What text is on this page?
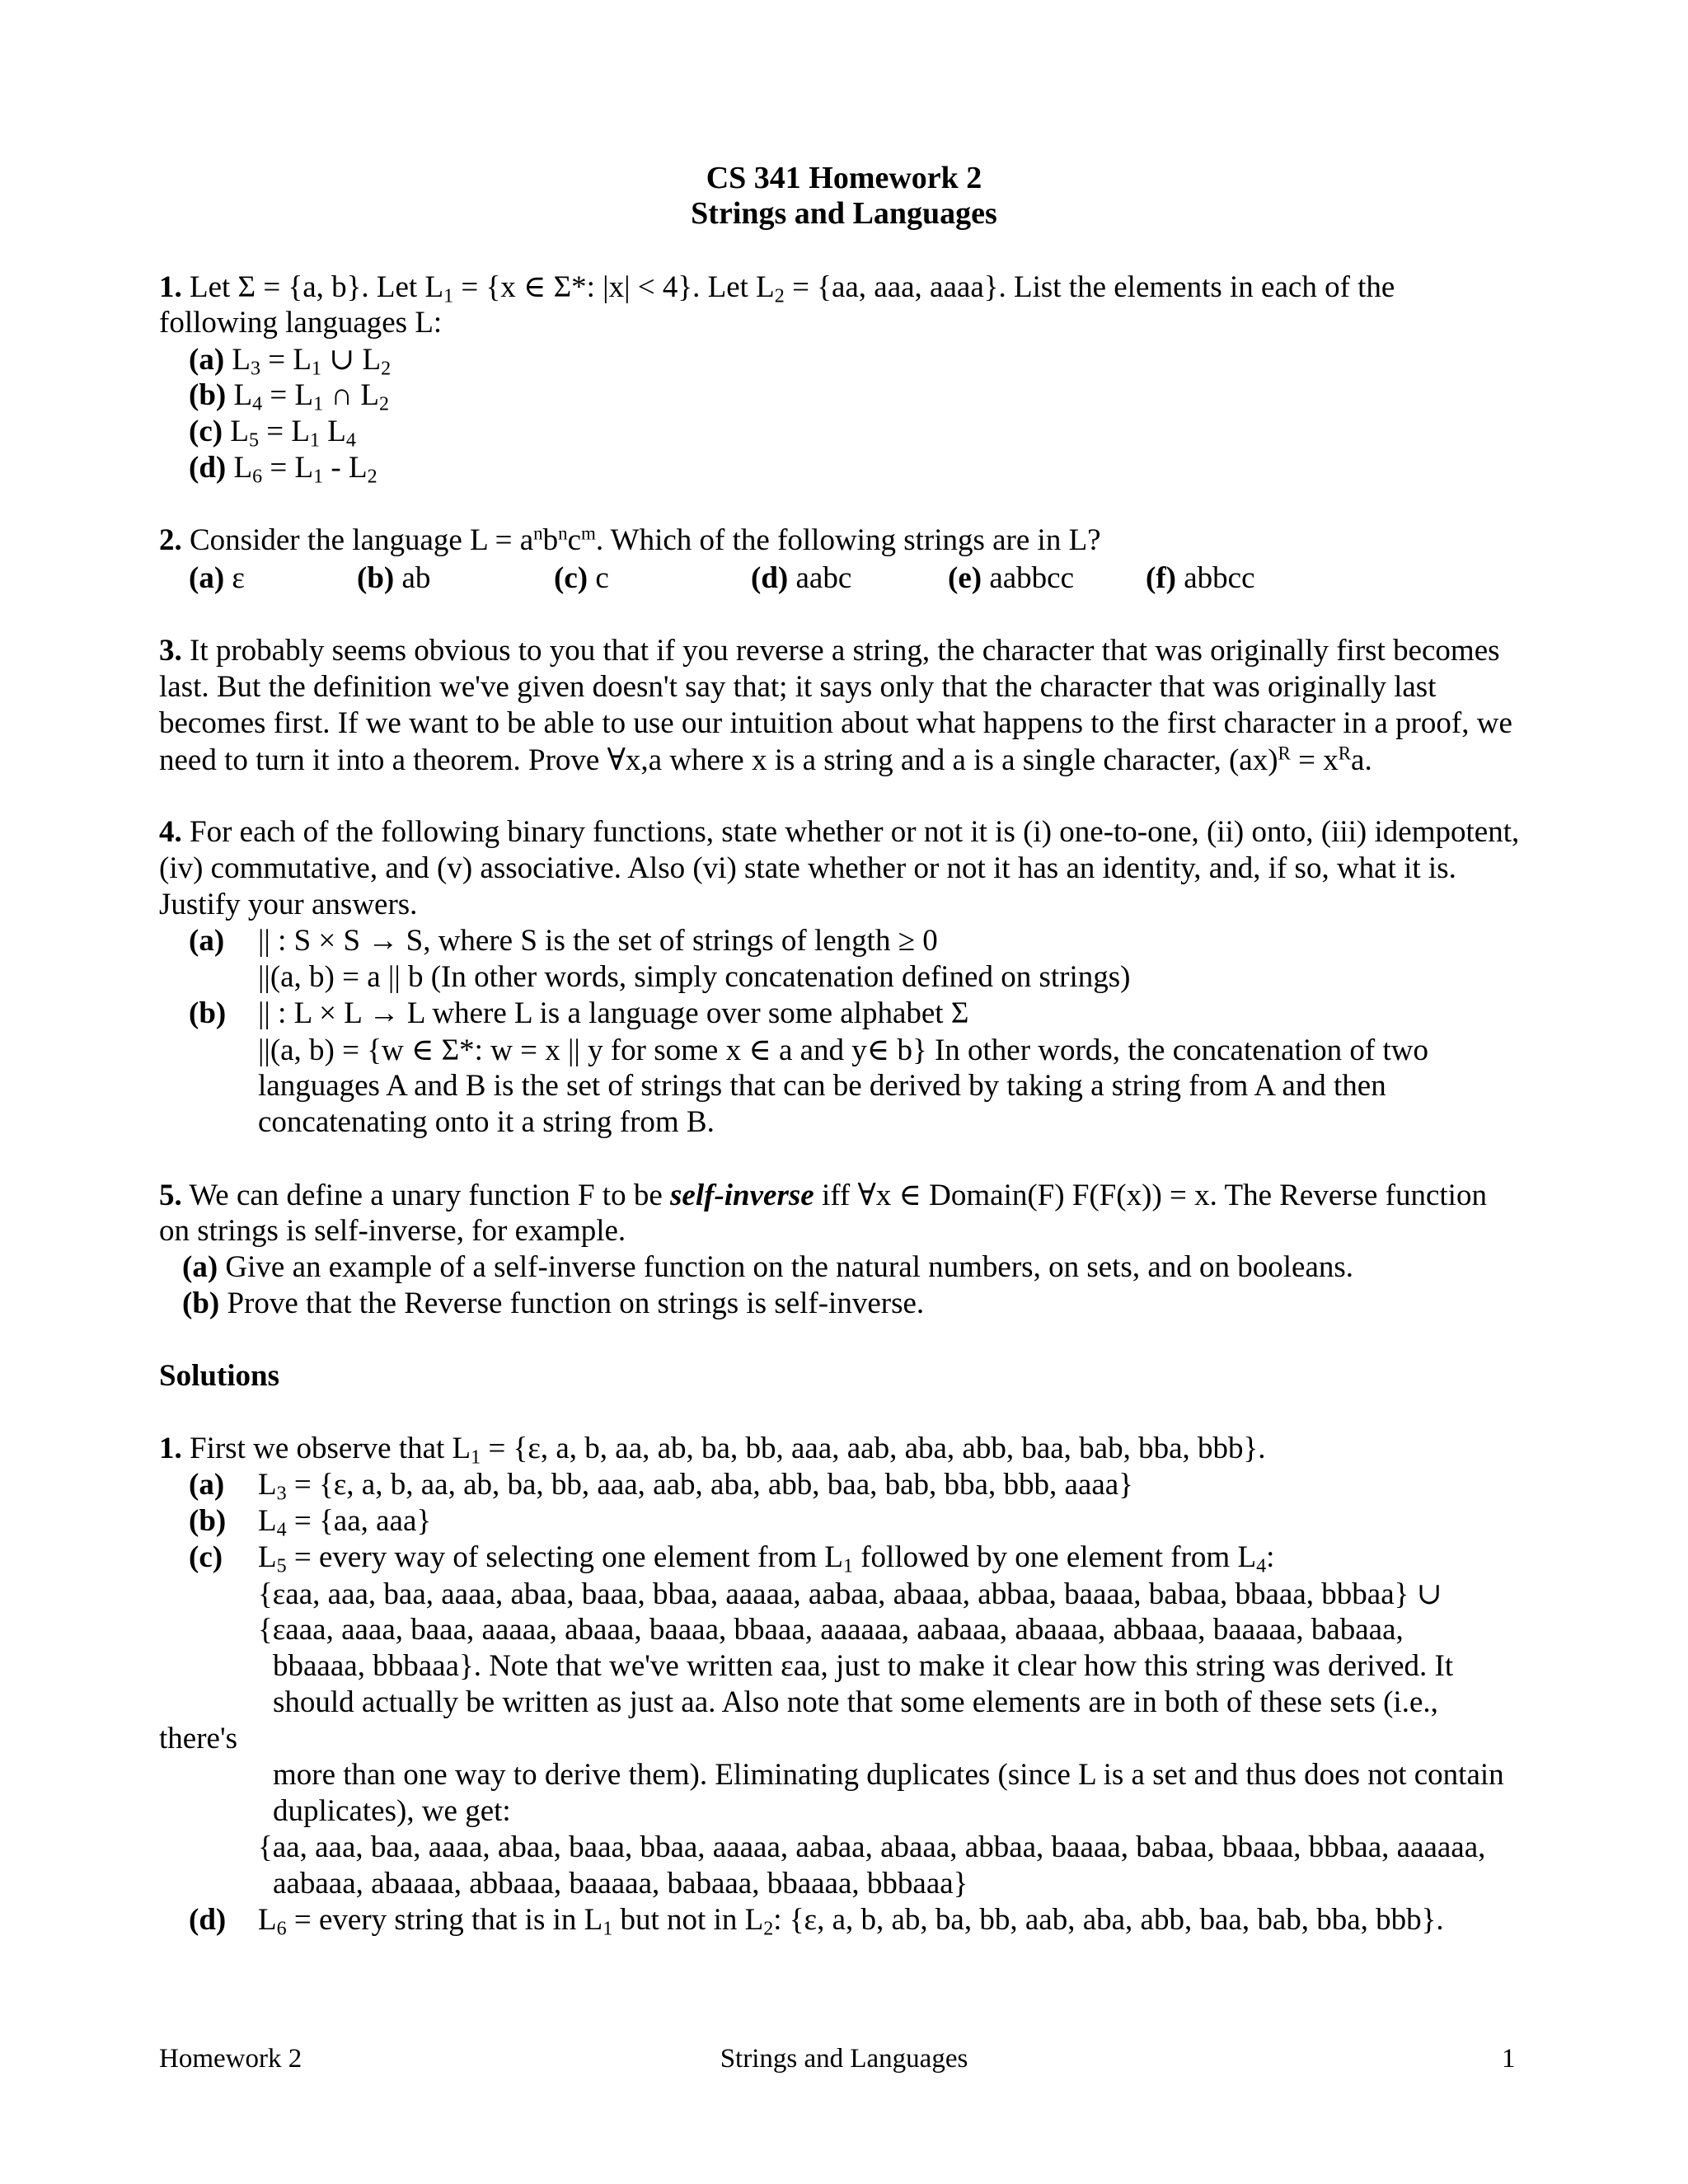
CS 341 Homework 2
Strings and Languages
1. Let Σ = {a, b}. Let $L_1 = \{x$ ∈ Σ*: |x| < 4}. Let $L_2 = \{aa$, aaa, aaaa}. List the elements in each of the
following languages L:
(a) $L_3 = L_1$ ∪ $L_2$
(b) $L_4 = L_1$ ∩ $L_2$
(c) $L_5 = L_1$ $L_4$
(d) $L_6 = L_1 - L_2$
2. Consider the language $L = a^nb^nc^m$. Which of the following strings are in L?
(a) ε	(b) ab	(c) c	(d) aabc	(e) aabbcc (f) abbcc
3. It probably seems obvious to you that if you reverse a string, the character that was originally first becomes
last. But the definition we've given doesn't say that; it says only that the character that was originally last
becomes first. If we want to be able to use our intuition about what happens to the first character in a proof, we
need to turn it into a theorem. Prove ∀x,a where x is a string and a is a single character, $(ax)^R = x^Ra$.
4. For each of the following binary functions, state whether or not it is (i) one-to-one, (ii) onto, (iii) idempotent,
(iv) commutative, and (v) associative. Also (vi) state whether or not it has an identity, and, if so, what it is.
Justify your answers.
(a) || : S × S → S, where S is the set of strings of length ≥ 0
||(a, b) = a || b (In other words, simply concatenation defined on strings)
(b) || : L × L → L where L is a language over some alphabet Σ
||(a, b) = {w ∈ Σ*: w = x || y for some x ∈ a and y∈ b} In other words, the concatenation of two
languages A and B is the set of strings that can be derived by taking a string from A and then
concatenating onto it a string from B.
5. We can define a unary function F to be self-inverse iff ∀x ∈ Domain(F) F(F(x)) = x. The Reverse function
on strings is self-inverse, for example.
(a) Give an example of a self-inverse function on the natural numbers, on sets, and on booleans.
(b) Prove that the Reverse function on strings is self-inverse.
Solutions
1. First we observe that $L_1 = \{\varepsilon$, a, b, aa, ab, ba, bb, aaa, aab, aba, abb, baa, bab, bba, bbb}.
(a) $L_3 = \{\varepsilon$, a, b, aa, ab, ba, bb, aaa, aab, aba, abb, baa, bab, bba, bbb, aaaa}
(b) $L_4 = \{aa$, aaa}
(c) $L_5$ = every way of selecting one element from $L_1$ followed by one element from $L_4$:
{εaa, aaa, baa, aaaa, abaa, baaa, bbaa, aaaaa, aabaa, abaaa, abbaa, baaaa, babaa, bbaaa, bbbaa} ∪
{εaaa, aaaa, baaa, aaaaa, abaaa, baaaa, bbaaa, aaaaaa, aabaaa, abaaaa, abbaaa, baaaaa, babaaa,
bbaaaa, bbbaaa}. Note that we've written εaa, just to make it clear how this string was derived. It
should actually be written as just aa. Also note that some elements are in both of these sets (i.e.,
there's
more than one way to derive them). Eliminating duplicates (since L is a set and thus does not contain
duplicates), we get:
{aa, aaa, baa, aaaa, abaa, baaa, bbaa, aaaaa, aabaa, abaaa, abbaa, baaaa, babaa, bbaaa, bbbaa, aaaaaa,
aabaaa, abaaaa, abbaaa, baaaaa, babaaa, bbaaaa, bbbaaa}
(d) $L_6$ = every string that is in $L_1$ but not in $L_2$: {ε, a, b, ab, ba, bb, aab, aba, abb, baa, bab, bba, bbb}.
Homework 2	Strings and Languages	1
